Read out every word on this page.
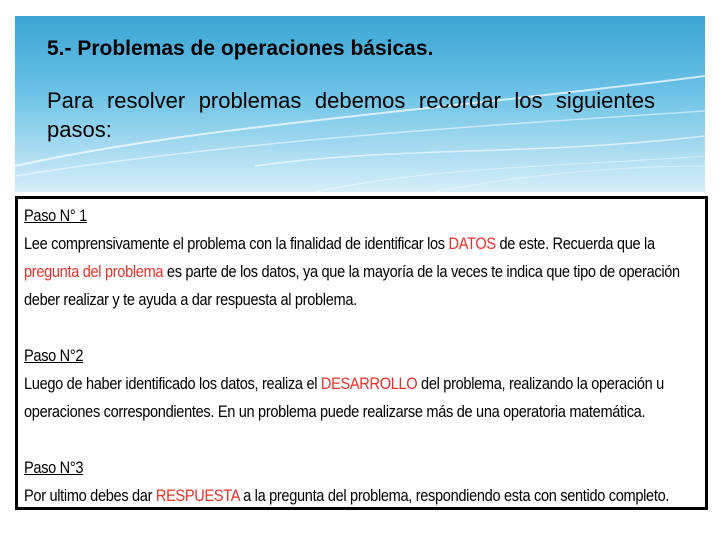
5.- Problemas de operaciones básicas.

Para resolver problemas debemos recordar los siguientes pasos:

Paso N° 1

Lee comprensivamente el problema con la finalidad de identificar los DATOS de este. Recuerda que la

pregunta del problema es parte de los datos, ya que la mayoría de la veces te indica que tipo de operación

deber realizar y te ayuda a dar respuesta al problema.

Paso N°2

Luego de haber identificado los datos, realiza el DESARROLLO del problema, realizando la operación u

operaciones correspondientes. En un problema puede realizarse más de una operatoria matemática.

Paso N°3

Por ultimo debes dar RESPUESTA a la pregunta del problema, respondiendo esta con sentido completo.
